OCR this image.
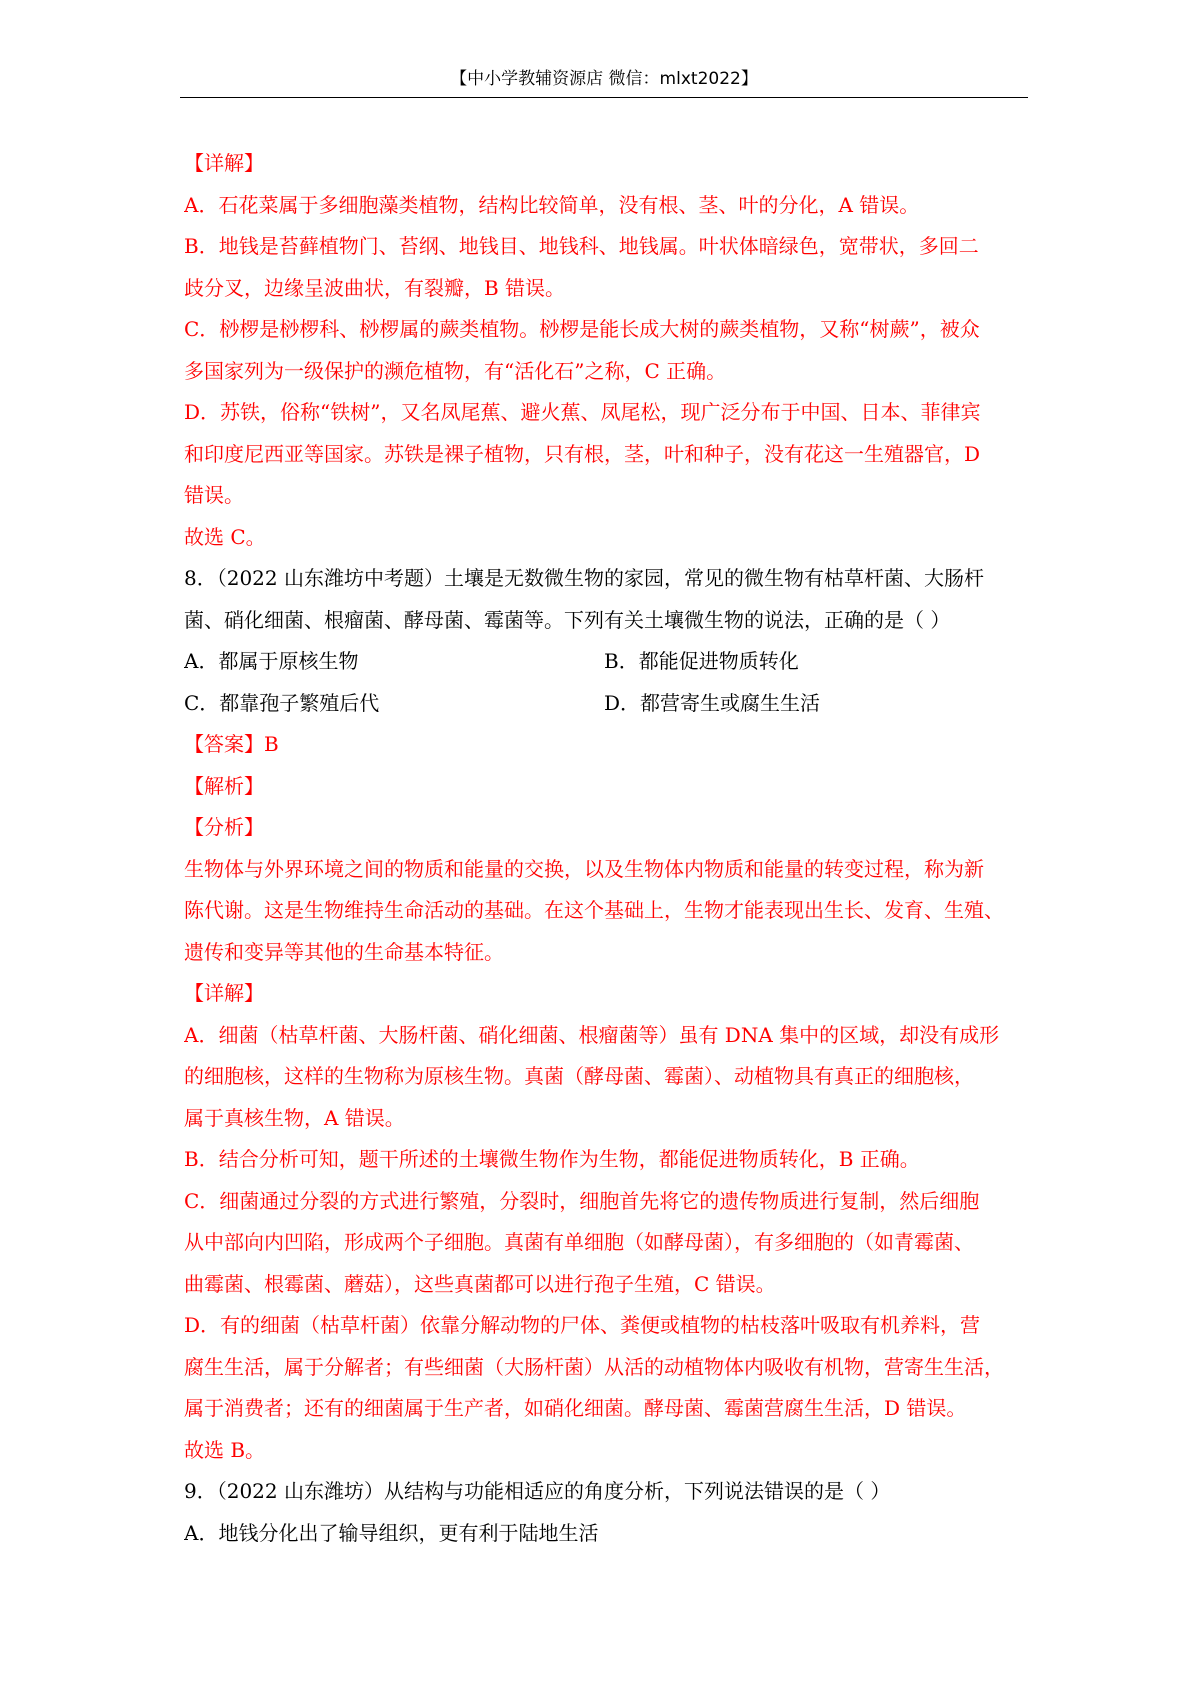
【中小学教辅资源店 微信：mlxt2022】
【详解】
A．石花菜属于多细胞藻类植物，结构比较简单，没有根、茎、叶的分化，A 错误。
B．地钱是苔藓植物门、苔纲、地钱目、地钱科、地钱属。叶状体暗绿色，宽带状，多回二
歧分叉，边缘呈波曲状，有裂瓣，B 错误。
C．桫椤是桫椤科、桫椤属的蕨类植物。桫椤是能长成大树的蕨类植物，又称“树蕨”，被众
多国家列为一级保护的濒危植物，有“活化石”之称，C 正确。
D．苏铁，俗称“铁树”，又名凤尾蕉、避火蕉、凤尾松，现广泛分布于中国、日本、菲律宾
和印度尼西亚等国家。苏铁是裸子植物，只有根，茎，叶和种子，没有花这一生殖器官，D
错误。
故选 C。
8．（2022 山东潍坊中考题）土壤是无数微生物的家园，常见的微生物有枯草杆菌、大肠杆
菌、硝化细菌、根瘤菌、酵母菌、霉菌等。下列有关土壤微生物的说法，正确的是（ ）
A．都属于原核生物	B．都能促进物质转化
C．都靠孢子繁殖后代	D．都营寄生或腐生生活
【答案】B
【解析】
【分析】
生物体与外界环境之间的物质和能量的交换，以及生物体内物质和能量的转变过程，称为新
陈代谢。这是生物维持生命活动的基础。在这个基础上，生物才能表现出生长、发育、生殖、
遗传和变异等其他的生命基本特征。
【详解】
A．细菌（枯草杆菌、大肠杆菌、硝化细菌、根瘤菌等）虽有 DNA 集中的区域，却没有成形
的细胞核，这样的生物称为原核生物。真菌（酵母菌、霉菌）、动植物具有真正的细胞核，
属于真核生物，A 错误。
B．结合分析可知，题干所述的土壤微生物作为生物，都能促进物质转化，B 正确。
C．细菌通过分裂的方式进行繁殖，分裂时，细胞首先将它的遗传物质进行复制，然后细胞
从中部向内凹陷，形成两个子细胞。真菌有单细胞（如酵母菌），有多细胞的（如青霉菌、
曲霉菌、根霉菌、蘑菇），这些真菌都可以进行孢子生殖，C 错误。
D．有的细菌（枯草杆菌）依靠分解动物的尸体、粪便或植物的枯枝落叶吸取有机养料，营
腐生生活，属于分解者；有些细菌（大肠杆菌）从活的动植物体内吸收有机物，营寄生生活，
属于消费者；还有的细菌属于生产者，如硝化细菌。酵母菌、霉菌营腐生生活，D 错误。
故选 B。
9．（2022 山东潍坊）从结构与功能相适应的角度分析，下列说法错误的是（ ）
A．地钱分化出了输导组织，更有利于陆地生活
